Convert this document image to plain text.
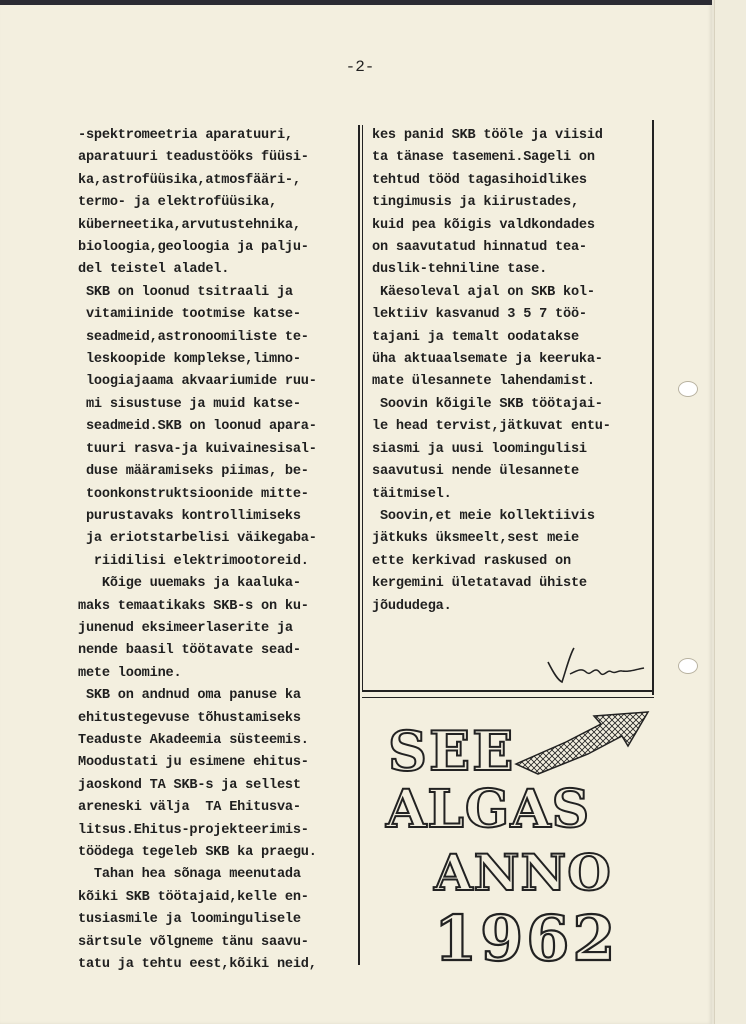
-2-
-spektromeetria aparatuuri,
aparatuuri teadustööks füüsi-
ka,astrofüüsika,atmosfääri-,
termo- ja elektrofüüsika,
küberneetika,arvutustehnika,
bioloogia,geoloogia ja palju-
del teistel aladel.
SKB on loonud tsitraali ja
vitamiinide tootmise katse-
seadmeid,astronoomiliste te-
leskoopide komplekse,limno-
loogiajaama akvaariumide ruu-
mi sisustuse ja muid katse-
seadmeid.SKB on loonud apara-
tuuri rasva-ja kuivainesisal-
duse määramiseks piimas, be-
toonkonstruktsioonide mitte-
purustavaks kontrollimiseks
ja eriotstarbelisi väikegaba-
riidilisi elektrimootoreid.
Kõige uuemaks ja kaaluka-
maks temaatikaks SKB-s on ku-
junenud eksimeerlaserite ja
nende baasil töötavate sead-
mete loomine.
SKB on andnud oma panuse ka
ehitustegevuse tõhustamiseks
Teaduste Akadeemia süsteemis.
Moodustati ju esimene ehitus-
jaoskond TA SKB-s ja sellest
areneski välja  TA Ehitusva-
litsus.Ehitus-projekteerimis-
töödega tegeleb SKB ka praegu.
Tahan hea sõnaga meenutada
kõiki SKB töötajaid,kelle en-
tusiasmile ja loomingulisele
särtsule võlgneme tänu saavu-
tatu ja tehtu eest,kõiki neid,
kes panid SKB tööle ja viisid
ta tänase tasemeni.Sageli on
tehtud tööd tagasihoidlikes
tingimusis ja kiirustades,
kuid pea kõigis valdkondades
on saavutatud hinnatud tea-
duslik-tehniline tase.
Käesoleval ajal on SKB kol-
lektiiv kasvanud 3 5 7 töö-
tajani ja temalt oodatakse
üha aktuaalsemate ja keeruka-
mate ülesannete lahendamist.
Soovin kõigile SKB töötajai-
le head tervist,jätkuvat entu-
siasmi ja uusi loomingulisi
saavutusi nende ülesannete
täitmisel.
Soovin,et meie kollektiivis
jätkuks üksmeelt,sest meie
ette kerkivad raskused on
kergemini ületatavad ühiste
jõududega.
SEE
ALGAS
ANNO
1962
